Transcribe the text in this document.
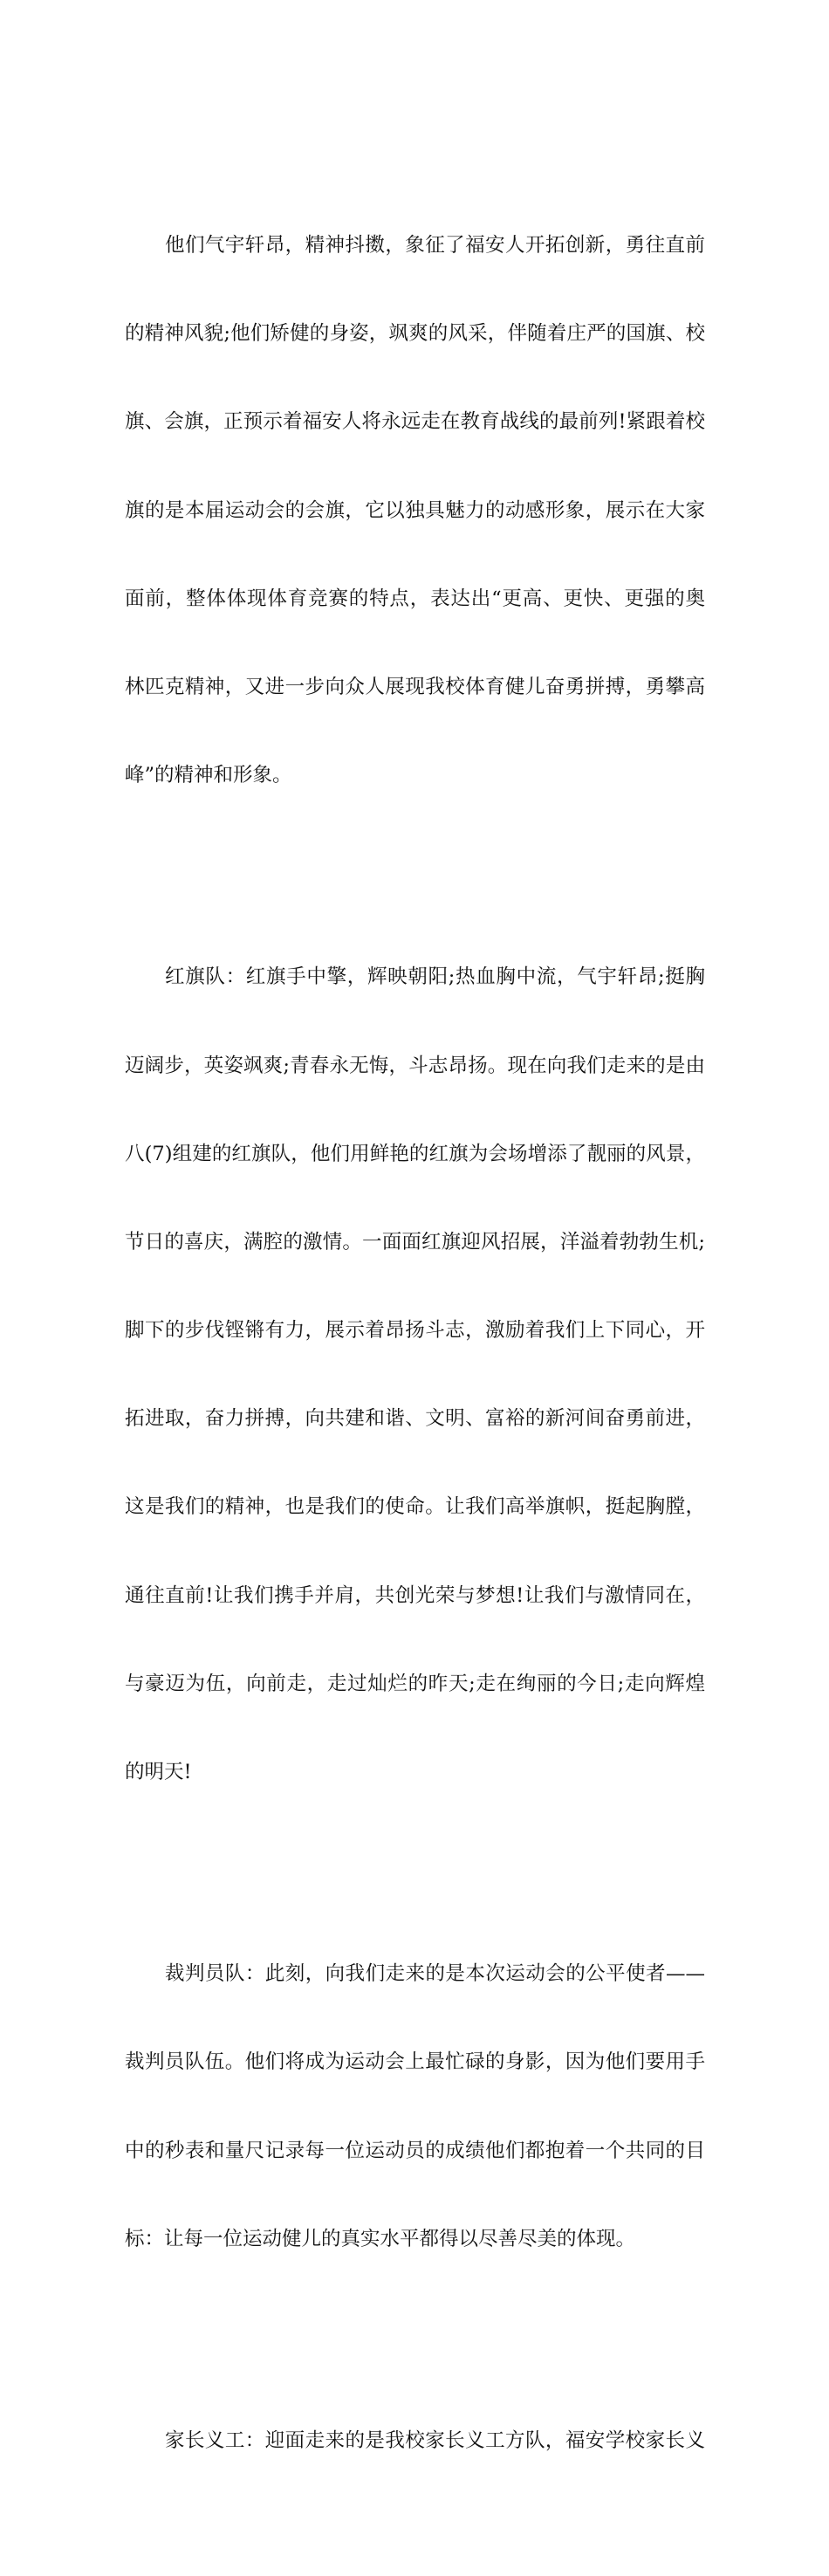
他们气宇轩昂，精神抖擞，象征了福安人开拓创新，勇往直前

的精神风貌;他们矫健的身姿，飒爽的风采，伴随着庄严的国旗、校

旗、会旗，正预示着福安人将永远走在教育战线的最前列!紧跟着校

旗的是本届运动会的会旗，它以独具魅力的动感形象，展示在大家

面前，整体体现体育竞赛的特点，表达出“更高、更快、更强的奥

林匹克精神，又进一步向众人展现我校体育健儿奋勇拼搏，勇攀高

峰”的精神和形象。

红旗队：红旗手中擎，辉映朝阳;热血胸中流，气宇轩昂;挺胸

迈阔步，英姿飒爽;青春永无悔，斗志昂扬。现在向我们走来的是由

八(7)组建的红旗队，他们用鲜艳的红旗为会场增添了靓丽的风景，

节日的喜庆，满腔的激情。一面面红旗迎风招展，洋溢着勃勃生机;

脚下的步伐铿锵有力，展示着昂扬斗志，激励着我们上下同心，开

拓进取，奋力拼搏，向共建和谐、文明、富裕的新河间奋勇前进，

这是我们的精神，也是我们的使命。让我们高举旗帜，挺起胸膛，

通往直前!让我们携手并肩，共创光荣与梦想!让我们与激情同在，

与豪迈为伍，向前走，走过灿烂的昨天;走在绚丽的今日;走向辉煌

的明天!

裁判员队：此刻，向我们走来的是本次运动会的公平使者——

裁判员队伍。他们将成为运动会上最忙碌的身影，因为他们要用手

中的秒表和量尺记录每一位运动员的成绩他们都抱着一个共同的目

标：让每一位运动健儿的真实水平都得以尽善尽美的体现。

家长义工：迎面走来的是我校家长义工方队，福安学校家长义
